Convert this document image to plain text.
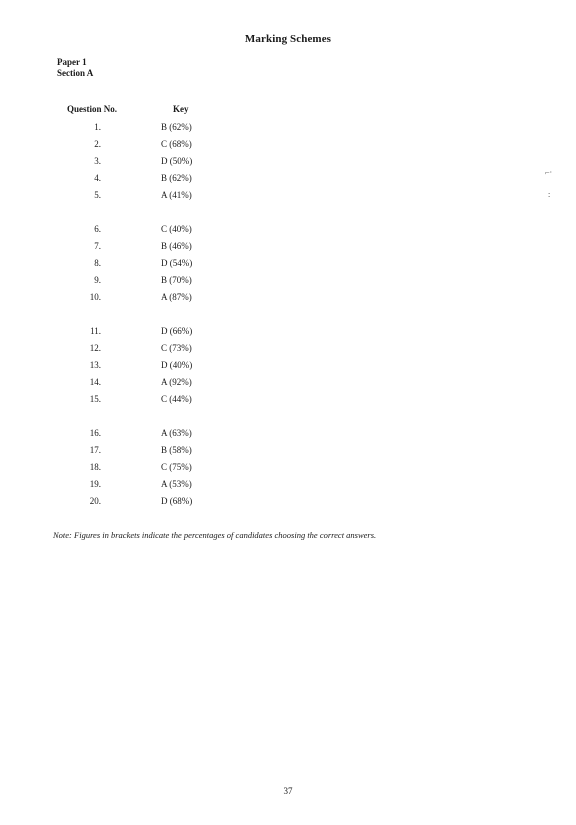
Marking Schemes
Paper 1
Section A
Question No.	Key
1.	B (62%)
2.	C (68%)
3.	D (50%)
4.	B (62%)
5.	A (41%)
6.	C (40%)
7.	B (46%)
8.	D (54%)
9.	B (70%)
10.	A (87%)
11.	D (66%)
12.	C (73%)
13.	D (40%)
14.	A (92%)
15.	C (44%)
16.	A (63%)
17.	B (58%)
18.	C (75%)
19.	A (53%)
20.	D (68%)
Note: Figures in brackets indicate the percentages of candidates choosing the correct answers.
37
⌐·
:
